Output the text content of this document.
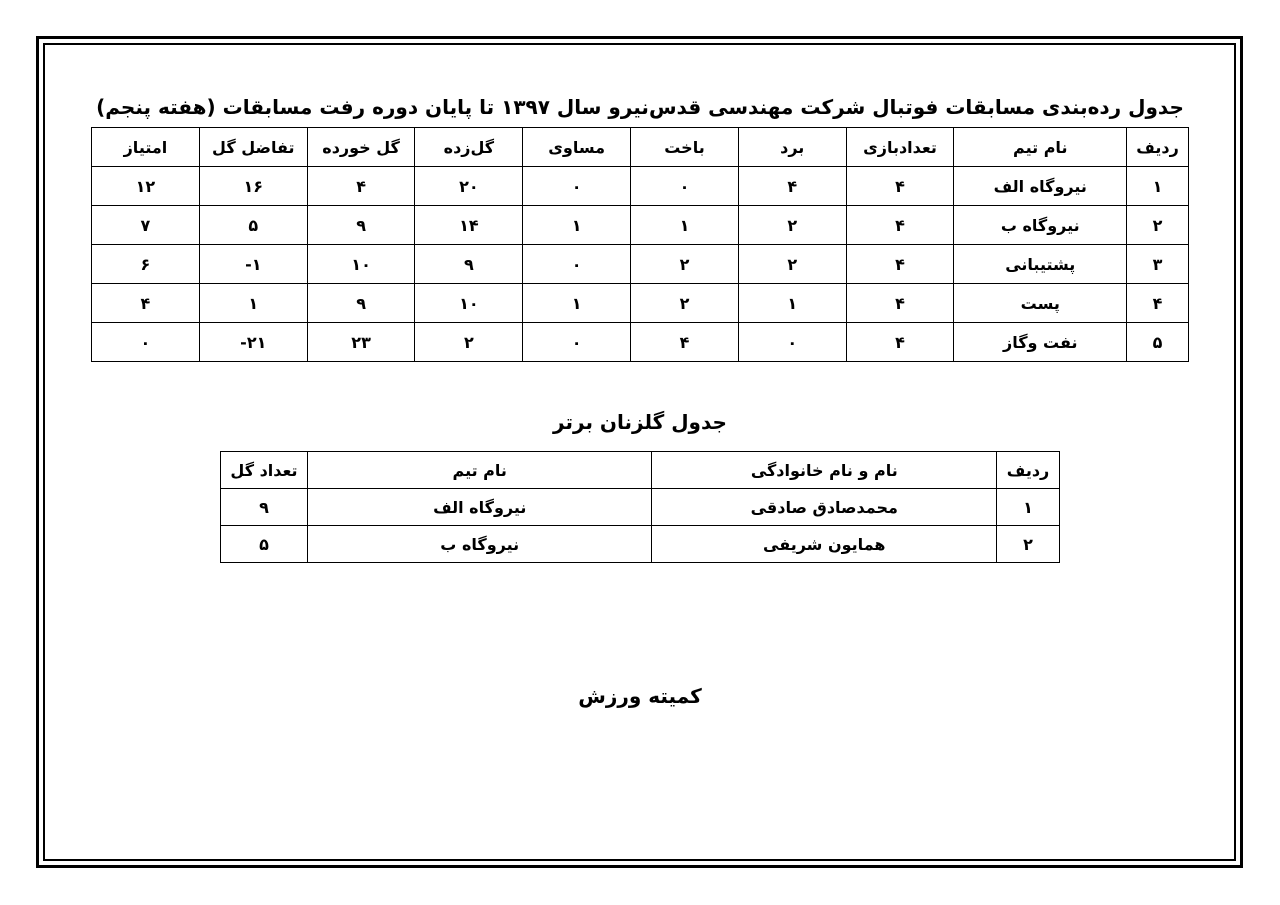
جدول رده‌بندی مسابقات فوتبال شرکت مهندسی قدس‌نیرو سال ۱۳۹۷ تا پایان دوره رفت مسابقات (هفته پنجم)
ردیف	نام تیم	تعدادبازی	برد	باخت	مساوی	گل‌زده	گل خورده	تفاضل گل	امتیاز
۱	نیروگاه الف	۴	۴	۰	۰	۲۰	۴	۱۶	۱۲
۲	نیروگاه ب	۴	۲	۱	۱	۱۴	۹	۵	۷
۳	پشتیبانی	۴	۲	۲	۰	۹	۱۰	۱-	۶
۴	پست	۴	۱	۲	۱	۱۰	۹	۱	۴
۵	نفت وگاز	۴	۰	۴	۰	۲	۲۳	۲۱-	۰
جدول گلزنان برتر
ردیف	نام و نام خانوادگی	نام تیم	تعداد گل
۱	محمدصادق صادقی	نیروگاه الف	۹
۲	همایون شریفی	نیروگاه ب	۵
کمیته ورزش
